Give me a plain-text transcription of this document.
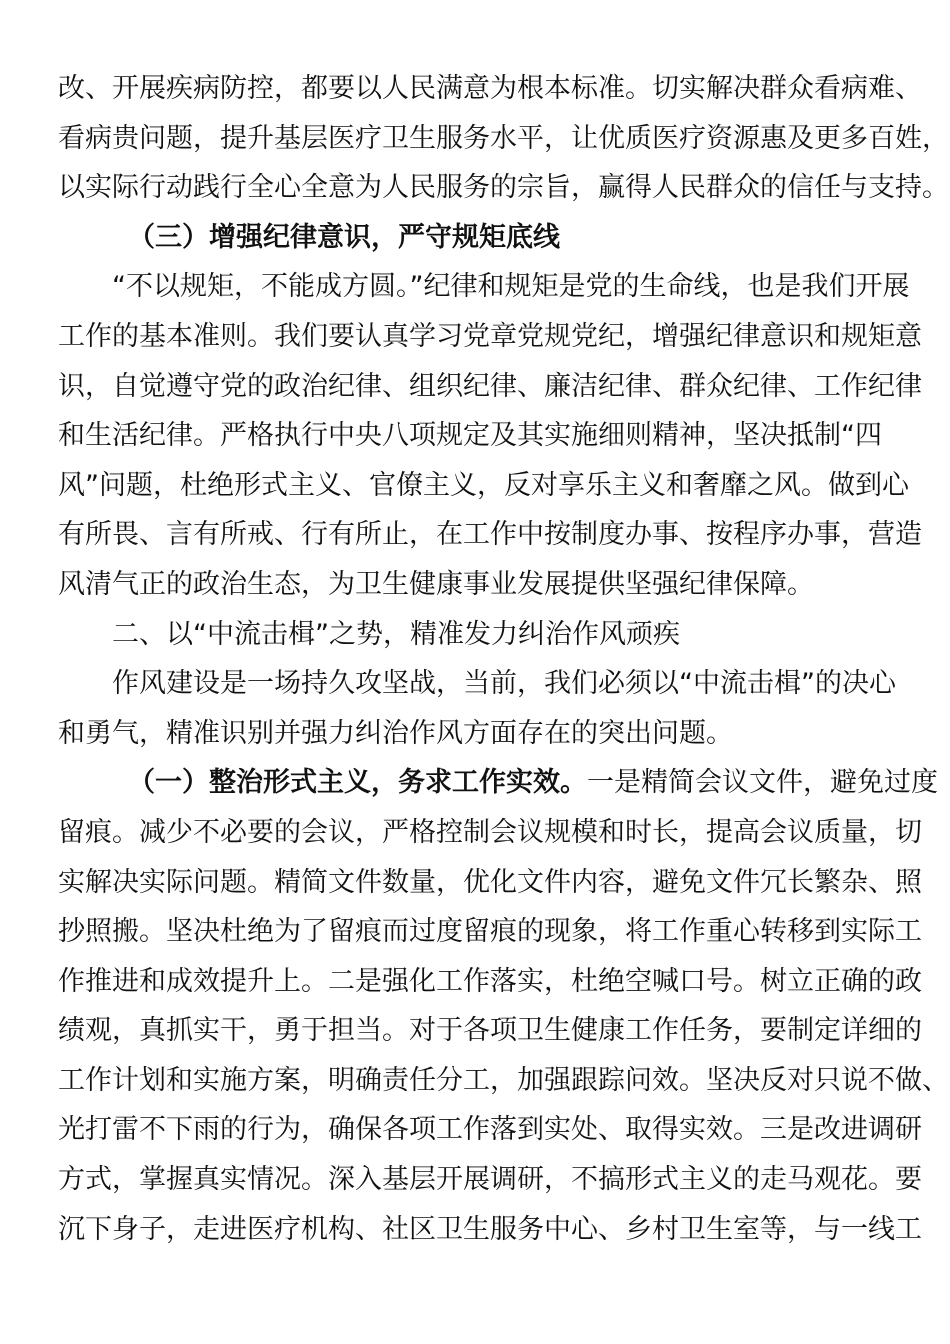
改、开展疾病防控，都要以人民满意为根本标准。切实解决群众看病难、
看病贵问题，提升基层医疗卫生服务水平，让优质医疗资源惠及更多百姓，
以实际行动践行全心全意为人民服务的宗旨，赢得人民群众的信任与支持。
（三）增强纪律意识，严守规矩底线
“不以规矩，不能成方圆。”纪律和规矩是党的生命线，也是我们开展
工作的基本准则。我们要认真学习党章党规党纪，增强纪律意识和规矩意
识，自觉遵守党的政治纪律、组织纪律、廉洁纪律、群众纪律、工作纪律
和生活纪律。严格执行中央八项规定及其实施细则精神，坚决抵制“四
风”问题，杜绝形式主义、官僚主义，反对享乐主义和奢靡之风。做到心
有所畏、言有所戒、行有所止，在工作中按制度办事、按程序办事，营造
风清气正的政治生态，为卫生健康事业发展提供坚强纪律保障。
二、以“中流击楫”之势，精准发力纠治作风顽疾
作风建设是一场持久攻坚战，当前，我们必须以“中流击楫”的决心
和勇气，精准识别并强力纠治作风方面存在的突出问题。
（一）整治形式主义，务求工作实效。一是精简会议文件，避免过度
留痕。减少不必要的会议，严格控制会议规模和时长，提高会议质量，切
实解决实际问题。精简文件数量，优化文件内容，避免文件冗长繁杂、照
抄照搬。坚决杜绝为了留痕而过度留痕的现象，将工作重心转移到实际工
作推进和成效提升上。二是强化工作落实，杜绝空喊口号。树立正确的政
绩观，真抓实干，勇于担当。对于各项卫生健康工作任务，要制定详细的
工作计划和实施方案，明确责任分工，加强跟踪问效。坚决反对只说不做、
光打雷不下雨的行为，确保各项工作落到实处、取得实效。三是改进调研
方式，掌握真实情况。深入基层开展调研，不搞形式主义的走马观花。要
沉下身子，走进医疗机构、社区卫生服务中心、乡村卫生室等，与一线工
